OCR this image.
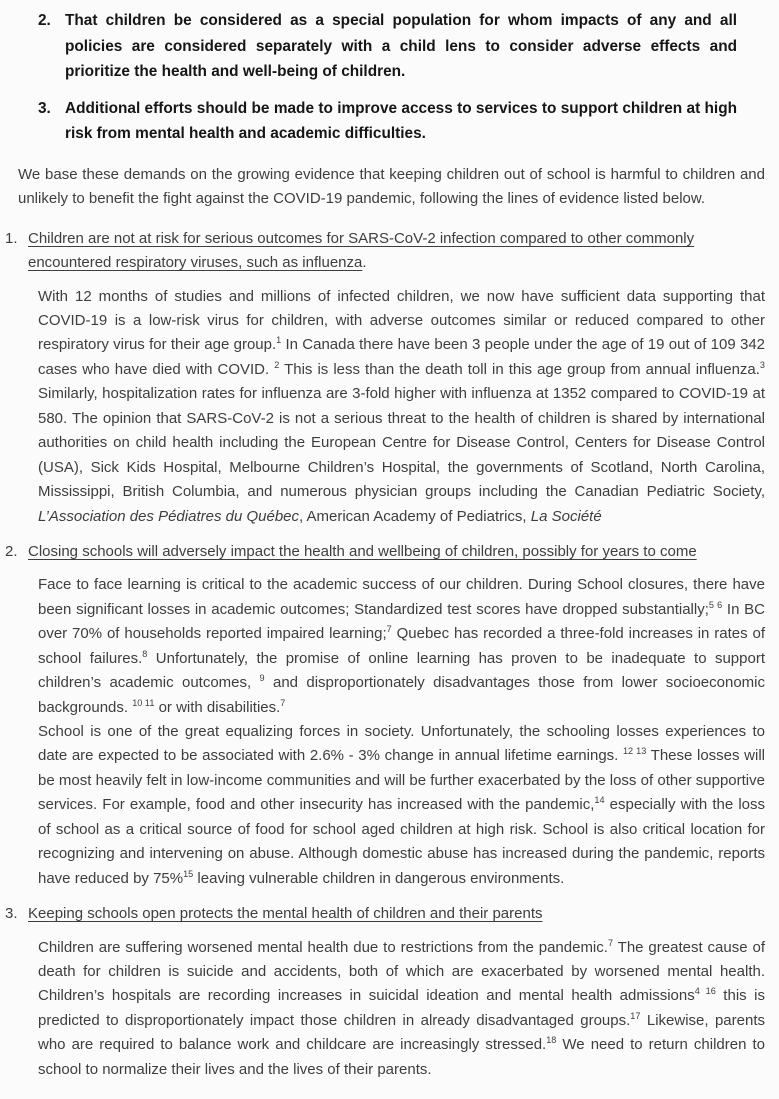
2. That children be considered as a special population for whom impacts of any and all policies are considered separately with a child lens to consider adverse effects and prioritize the health and well-being of children.
3. Additional efforts should be made to improve access to services to support children at high risk from mental health and academic difficulties.

We base these demands on the growing evidence that keeping children out of school is harmful to children and unlikely to benefit the fight against the COVID-19 pandemic, following the lines of evidence listed below.

1. Children are not at risk for serious outcomes for SARS-CoV-2 infection compared to other commonly encountered respiratory viruses, such as influenza.

With 12 months of studies and millions of infected children, we now have sufficient data supporting that COVID-19 is a low-risk virus for children, with adverse outcomes similar or reduced compared to other respiratory virus for their age group.$^1$ In Canada there have been 3 people under the age of 19 out of 109 342 cases who have died with COVID. $^2$ This is less than the death toll in this age group from annual influenza.$^3$ Similarly, hospitalization rates for influenza are 3-fold higher with influenza at 1352 compared to COVID-19 at 580. The opinion that SARS-CoV-2 is not a serious threat to the health of children is shared by international authorities on child health including the European Centre for Disease Control, Centers for Disease Control (USA), Sick Kids Hospital, Melbourne Children’s Hospital, the governments of Scotland, North Carolina, Mississippi, British Columbia, and numerous physician groups including the Canadian Pediatric Society, L’Association des Pédiatres du Québec, American Academy of Pediatrics, La Société

2. Closing schools will adversely impact the health and wellbeing of children, possibly for years to come

Face to face learning is critical to the academic success of our children. During School closures, there have been significant losses in academic outcomes; Standardized test scores have dropped substantially;$^{5 6}$ In BC over 70% of households reported impaired learning;$^7$ Quebec has recorded a three-fold increases in rates of school failures.$^8$ Unfortunately, the promise of online learning has proven to be inadequate to support children’s academic outcomes, $^9$ and disproportionately disadvantages those from lower socioeconomic backgrounds. $^{10 11}$ or with disabilities.$^7$

School is one of the great equalizing forces in society. Unfortunately, the schooling losses experiences to date are expected to be associated with 2.6% - 3% change in annual lifetime earnings. $^{12 13}$ These losses will be most heavily felt in low-income communities and will be further exacerbated by the loss of other supportive services. For example, food and other insecurity has increased with the pandemic,$^{14}$ especially with the loss of school as a critical source of food for school aged children at high risk. School is also critical location for recognizing and intervening on abuse. Although domestic abuse has increased during the pandemic, reports have reduced by 75%$^{15}$ leaving vulnerable children in dangerous environments.

3. Keeping schools open protects the mental health of children and their parents

Children are suffering worsened mental health due to restrictions from the pandemic.$^7$ The greatest cause of death for children is suicide and accidents, both of which are exacerbated by worsened mental health. Children’s hospitals are recording increases in suicidal ideation and mental health admissions$^{4 16}$ this is predicted to disproportionately impact those children in already disadvantaged groups.$^{17}$ Likewise, parents who are required to balance work and childcare are increasingly stressed.$^{18}$ We need to return children to school to normalize their lives and the lives of their parents.
